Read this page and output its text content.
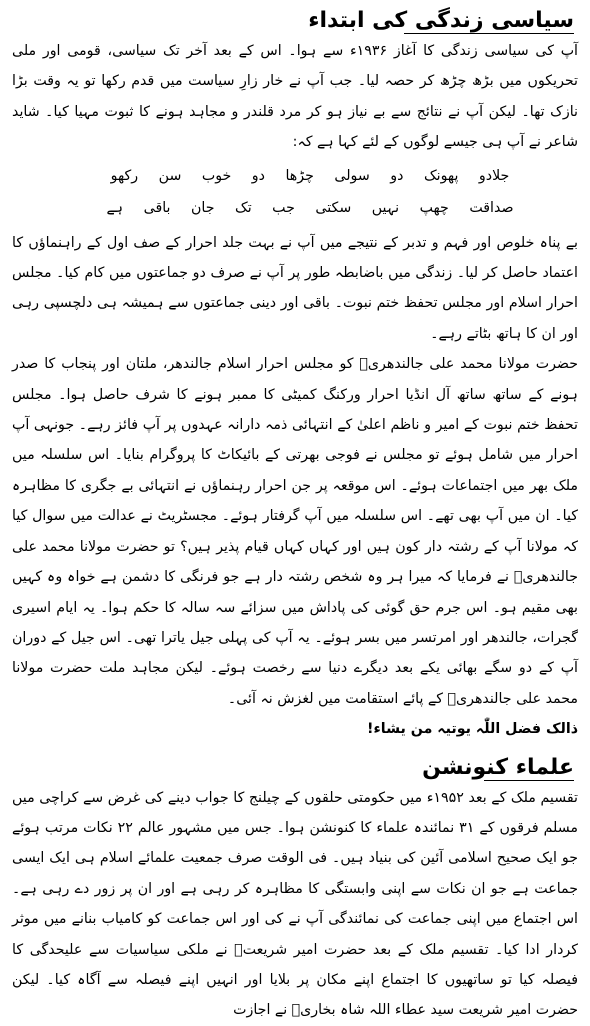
سیاسی زندگی کی ابتداء

آپ کی سیاسی زندگی کا آغاز ۱۹۳۶ء سے ہوا۔ اس کے بعد آخر تک سیاسی، قومی اور ملی تحریکوں میں بڑھ چڑھ کر حصہ لیا۔ جب آپ نے خار زارِ سیاست میں قدم رکھا تو یہ وقت بڑا نازک تھا۔ لیکن آپ نے نتائج سے بے نیاز ہو کر مرد قلندر و مجاہد ہونے کا ثبوت مہیا کیا۔ شاید شاعر نے آپ ہی جیسے لوگوں کے لئے کہا ہے کہ:

جلادو پھونک دو سولی چڑھا دو خوب سن رکھو

صداقت چھپ نہیں سکتی جب تک جان باقی ہے

بے پناہ خلوص اور فہم و تدبر کے نتیجے میں آپ نے بہت جلد احرار کے صف اول کے راہنماؤں کا اعتماد حاصل کر لیا۔ زندگی میں باضابطہ طور پر آپ نے صرف دو جماعتوں میں کام کیا۔ مجلس احرار اسلام اور مجلس تحفظ ختم نبوت۔ باقی اور دینی جماعتوں سے ہمیشہ ہی دلچسپی رہی اور ان کا ہاتھ بٹاتے رہے۔

حضرت مولانا محمد علی جالندھریؒ کو مجلس احرار اسلام جالندھر، ملتان اور پنجاب کا صدر ہونے کے ساتھ ساتھ آل انڈیا احرار ورکنگ کمیٹی کا ممبر ہونے کا شرف حاصل ہوا۔ مجلس تحفظ ختم نبوت کے امیر و ناظم اعلیٰ کے انتہائی ذمہ دارانہ عہدوں پر آپ فائز رہے۔ جونہی آپ احرار میں شامل ہوئے تو مجلس نے فوجی بھرتی کے بائیکاٹ کا پروگرام بنایا۔ اس سلسلہ میں ملک بھر میں اجتماعات ہوئے۔ اس موقعہ پر جن احرار رہنماؤں نے انتہائی بے جگری کا مظاہرہ کیا۔ ان میں آپ بھی تھے۔ اس سلسلہ میں آپ گرفتار ہوئے۔ مجسٹریٹ نے عدالت میں سوال کیا کہ مولانا آپ کے رشتہ دار کون ہیں اور کہاں کہاں قیام پذیر ہیں؟ تو حضرت مولانا محمد علی جالندھریؒ نے فرمایا کہ میرا ہر وہ شخص رشتہ دار ہے جو فرنگی کا دشمن ہے خواہ وہ کہیں بھی مقیم ہو۔ اس جرم حق گوئی کی پاداش میں سزائے سہ سالہ کا حکم ہوا۔ یہ ایام اسیری گجرات، جالندھر اور امرتسر میں بسر ہوئے۔ یہ آپ کی پہلی جیل یاترا تھی۔ اس جیل کے دوران آپ کے دو سگے بھائی یکے بعد دیگرے دنیا سے رخصت ہوئے۔ لیکن مجاہد ملت حضرت مولانا محمد علی جالندھریؒ کے پائے استقامت میں لغزش نہ آئی۔

ذالک فضل اللّٰہ یوتیہ من یشاء!

علماء کنونشن

تقسیم ملک کے بعد ۱۹۵۲ء میں حکومتی حلقوں کے چیلنج کا جواب دینے کی غرض سے کراچی میں مسلم فرقوں کے ۳۱ نمائندہ علماء کا کنونشن ہوا۔ جس میں مشہور عالم ۲۲ نکات مرتب ہوئے جو ایک صحیح اسلامی آئین کی بنیاد ہیں۔ فی الوقت صرف جمعیت علمائے اسلام ہی ایک ایسی جماعت ہے جو ان نکات سے اپنی وابستگی کا مظاہرہ کر رہی ہے اور ان پر زور دے رہی ہے۔ اس اجتماع میں اپنی جماعت کی نمائندگی آپ نے کی اور اس جماعت کو کامیاب بنانے میں موثر کردار ادا کیا۔ تقسیم ملک کے بعد حضرت امیر شریعتؒ نے ملکی سیاسیات سے علیحدگی کا فیصلہ کیا تو ساتھیوں کا اجتماع اپنے مکان پر بلایا اور انہیں اپنے فیصلہ سے آگاہ کیا۔ لیکن حضرت امیر شریعت سید عطاء اللہ شاہ بخاریؒ نے اجازت
